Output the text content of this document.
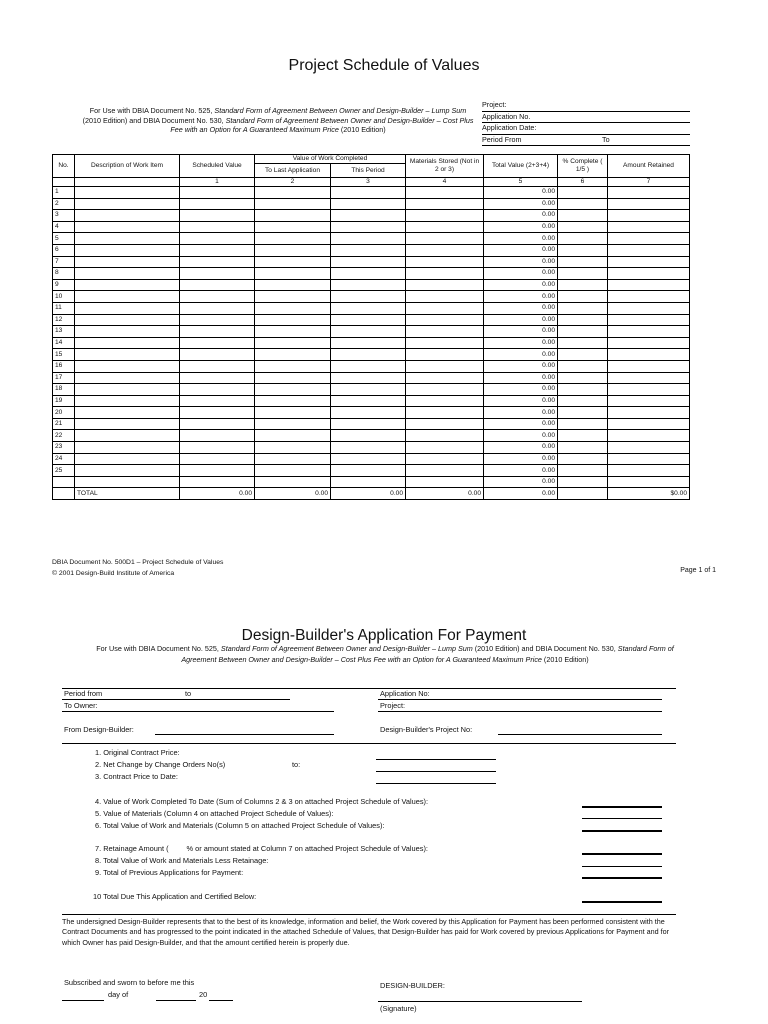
Project Schedule of Values
For Use with DBIA Document No. 525, Standard Form of Agreement Between Owner and Design-Builder – Lump Sum (2010 Edition) and DBIA Document No. 530, Standard Form of Agreement Between Owner and Design-Builder – Cost Plus Fee with an Option for A Guaranteed Maximum Price (2010 Edition)
Project:
Application No.
Application Date:
Period From	To
No.	Description of Work Item	Scheduled Value	Value of Work Completed		Materials Stored (Not in 2 or 3)	Total Value (2+3+4)	% Complete ( 1/5 )	Amount Retained
			To Last Application	This Period				
		1	2	3	4	5	6	7
1						0.00		
2						0.00		
3						0.00		
4						0.00		
5						0.00		
6						0.00		
7						0.00		
8						0.00		
9						0.00		
10						0.00		
11						0.00		
12						0.00		
13						0.00		
14						0.00		
15						0.00		
16						0.00		
17						0.00		
18						0.00		
19						0.00		
20						0.00		
21						0.00		
22						0.00		
23						0.00		
24						0.00		
25						0.00		
						0.00		
	TOTAL	0.00	0.00	0.00	0.00	0.00		$0.00
DBIA Document No. 500D1 – Project Schedule of Values
© 2001 Design-Build Institute of America	Page 1 of 1
Design-Builder's Application For Payment
For Use with DBIA Document No. 525, Standard Form of Agreement Between Owner and Design-Builder – Lump Sum (2010 Edition) and DBIA Document No. 530, Standard Form of Agreement Between Owner and Design-Builder – Cost Plus Fee with an Option for A Guaranteed Maximum Price (2010 Edition)
Period from	to
To Owner:
Application No:
Project:
From Design-Builder:	Design-Builder's Project No:
1. Original Contract Price:
2. Net Change by Change Orders No(s)	to:
3. Contract Price to Date:
4. Value of Work Completed To Date (Sum of Columns 2 & 3 on attached Project Schedule of Values):
5. Value of Materials (Column 4 on attached Project Schedule of Values):
6. Total Value of Work and Materials (Column 5 on attached Project Schedule of Values):
7. Retainage Amount ( % or amount stated at Column 7 on attached Project Schedule of Values):
8. Total Value of Work and Materials Less Retainage:
9. Total of Previous Applications for Payment:
10 Total Due This Application and Certified Below:
The undersigned Design-Builder represents that to the best of its knowledge, information and belief, the Work covered by this Application for Payment has been performed consistent with the Contract Documents and has progressed to the point indicated in the attached Schedule of Values, that Design-Builder has paid for Work covered by previous Applications for Payment and for which Owner has paid Design-Builder, and that the amount certified herein is properly due.
Subscribed and sworn to before me this
day of	20
DESIGN-BUILDER:
(Signature)
